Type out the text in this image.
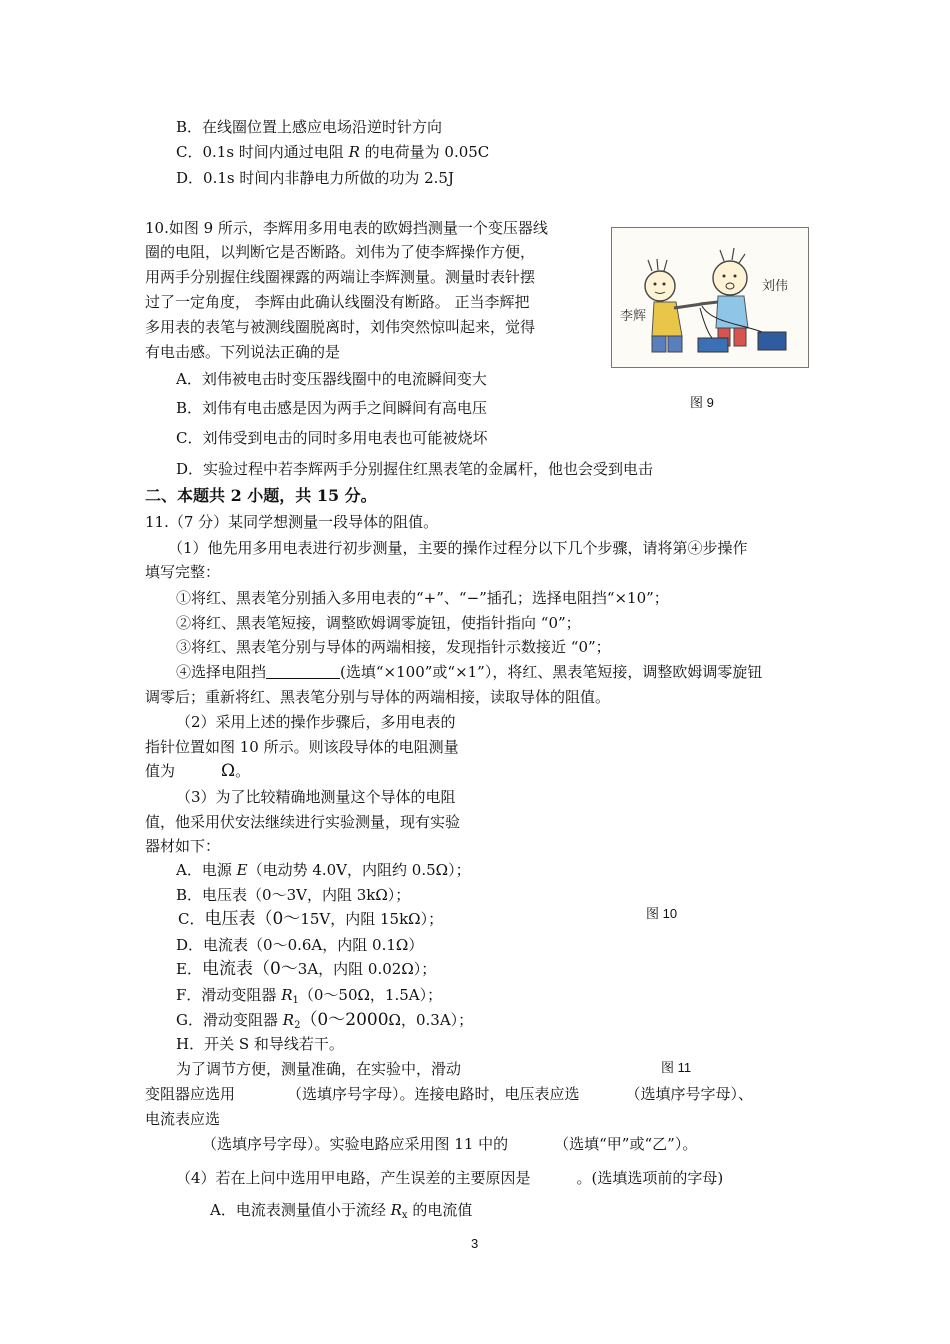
B．在线圈位置上感应电场沿逆时针方向
C．0.1s 时间内通过电阻 R 的电荷量为 0.05C
D．0.1s 时间内非静电力所做的功为 2.5J
10.如图 9 所示，李辉用多用电表的欧姆挡测量一个变压器线
圈的电阻，以判断它是否断路。刘伟为了使李辉操作方便，
用两手分别握住线圈裸露的两端让李辉测量。测量时表针摆
过了一定角度， 李辉由此确认线圈没有断路。 正当李辉把
多用表的表笔与被测线圈脱离时，刘伟突然惊叫起来，觉得
有电击感。下列说法正确的是
李辉
刘伟
图 9
A．刘伟被电击时变压器线圈中的电流瞬间变大
B．刘伟有电击感是因为两手之间瞬间有高电压
C．刘伟受到电击的同时多用电表也可能被烧坏
D．实验过程中若李辉两手分别握住红黑表笔的金属杆，他也会受到电击
二、本题共 2 小题，共 15 分。
11.（7 分）某同学想测量一段导体的阻值。
（1）他先用多用电表进行初步测量，主要的操作过程分以下几个步骤，请将第④步操作
填写完整：
①将红、黑表笔分别插入多用电表的“+”、“−”插孔；选择电阻挡“×10”；
②将红、黑表笔短接，调整欧姆调零旋钮，使指针指向 “0”；
③将红、黑表笔分别与导体的两端相接，发现指针示数接近 “0”；
④选择电阻挡	(选填“×100”或“×1”），将红、黑表笔短接，调整欧姆调零旋钮
调零后；重新将红、黑表笔分别与导体的两端相接，读取导体的阻值。
（2）采用上述的操作步骤后，多用电表的
指针位置如图 10 所示。则该段导体的电阻测量
值为	Ω。
（3）为了比较精确地测量这个导体的电阻
值，他采用伏安法继续进行实验测量，现有实验
器材如下：
A．电源 E（电动势 4.0V，内阻约 0.5Ω）；
B．电压表（0～3V，内阻 3kΩ）；
C．电压表（0～15V，内阻 15kΩ）；
D．电流表（0～0.6A，内阻 0.1Ω）
E．电流表（0～3A，内阻 0.02Ω）；
F．滑动变阻器 $R_1(0\sim 50\Omega$，1.5A）；
G．滑动变阻器 $R_2(0\sim 2000\Omega$，0.3A）；
H．开关 S 和导线若干。
图 10
图 11
为了调节方便，测量准确，在实验中，滑动
变阻器应选用	（选填序号字母）。连接电路时，电压表应选	（选填序号字母）、
电流表应选
（选填序号字母）。实验电路应采用图 11 中的	（选填“甲”或“乙”）。
（4）若在上问中选用甲电路，产生误差的主要原因是	。(选填选项前的字母)
A．电流表测量值小于流经 $R_x$ 的电流值
3
